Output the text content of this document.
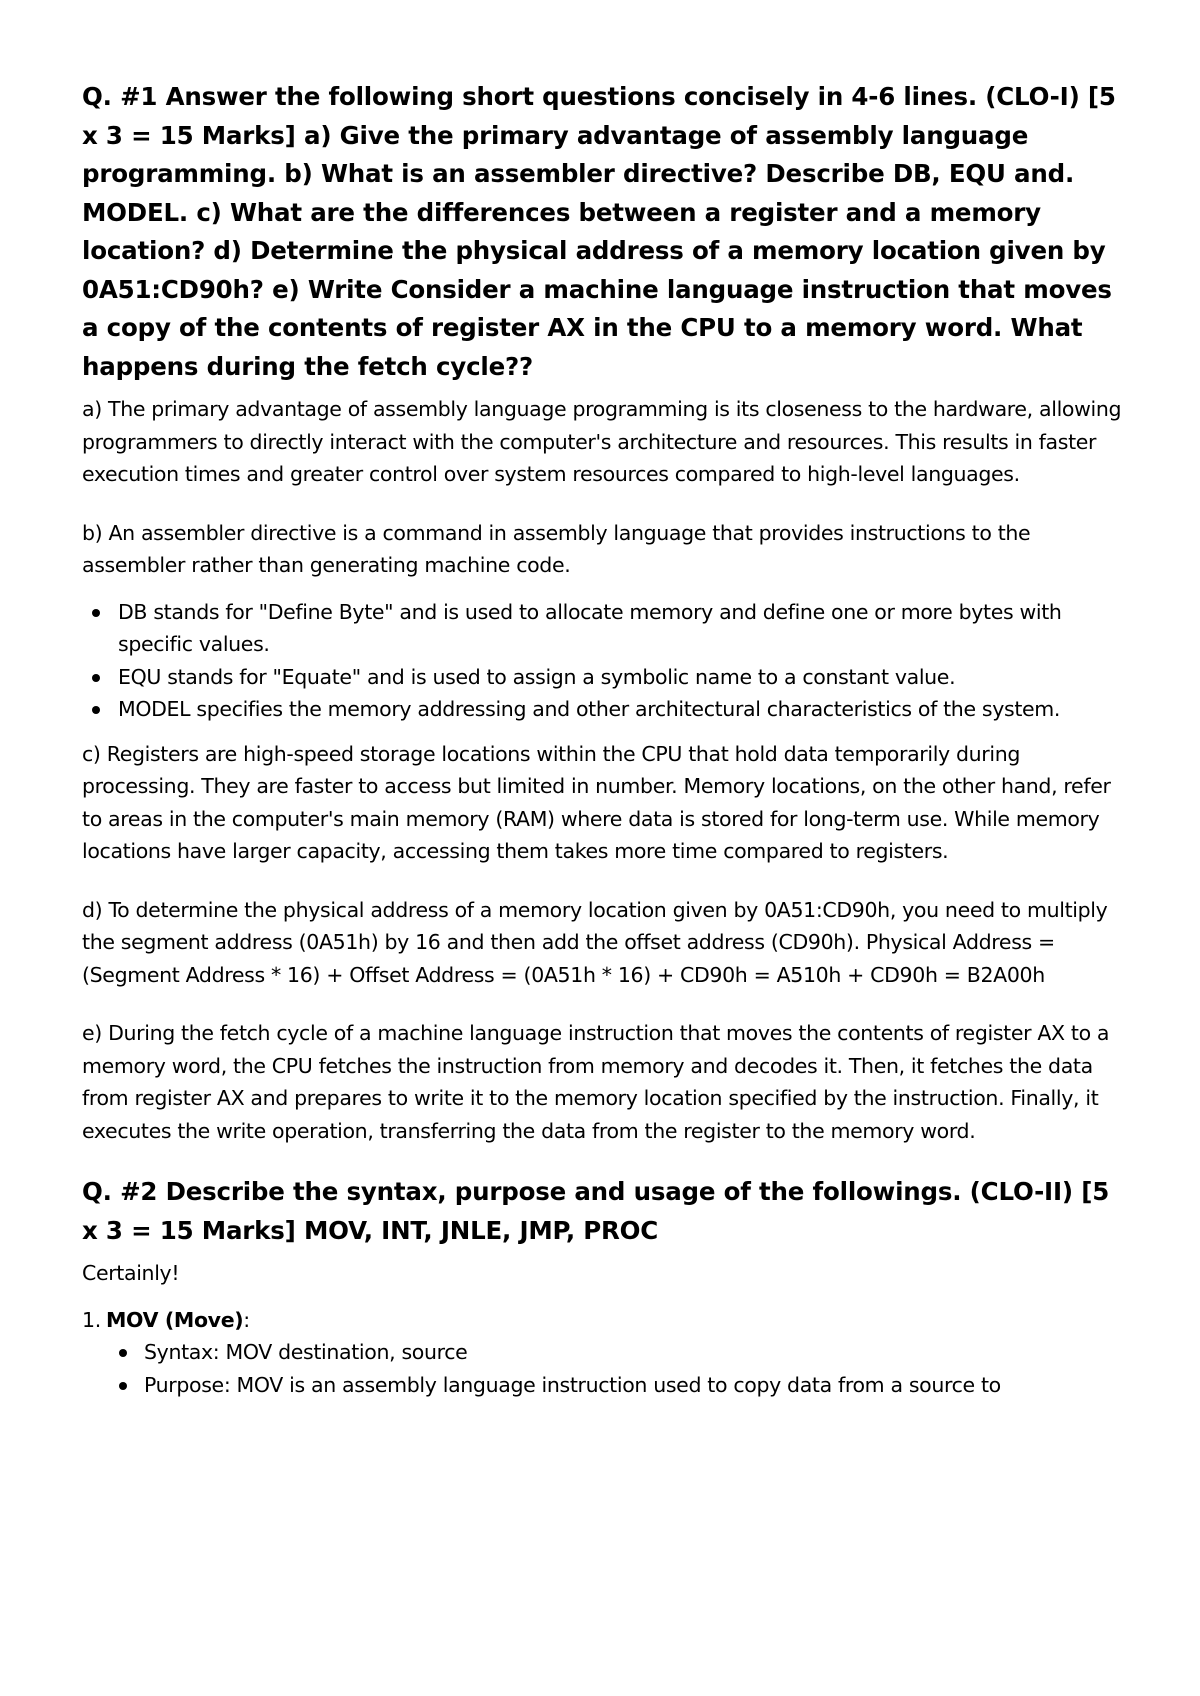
Q. #1 Answer the following short questions concisely in 4-6 lines. (CLO-I) [5 x 3 = 15 Marks] a) Give the primary advantage of assembly language programming. b) What is an assembler directive? Describe DB, EQU and. MODEL. c) What are the differences between a register and a memory location? d) Determine the physical address of a memory location given by 0A51:CD90h? e) Write Consider a machine language instruction that moves a copy of the contents of register AX in the CPU to a memory word. What happens during the fetch cycle??

a) The primary advantage of assembly language programming is its closeness to the hardware, allowing programmers to directly interact with the computer's architecture and resources. This results in faster execution times and greater control over system resources compared to high-level languages.

b) An assembler directive is a command in assembly language that provides instructions to the assembler rather than generating machine code.

DB stands for "Define Byte" and is used to allocate memory and define one or more bytes with specific values.
EQU stands for "Equate" and is used to assign a symbolic name to a constant value.
MODEL specifies the memory addressing and other architectural characteristics of the system.

c) Registers are high-speed storage locations within the CPU that hold data temporarily during processing. They are faster to access but limited in number. Memory locations, on the other hand, refer to areas in the computer's main memory (RAM) where data is stored for long-term use. While memory locations have larger capacity, accessing them takes more time compared to registers.

d) To determine the physical address of a memory location given by 0A51:CD90h, you need to multiply the segment address (0A51h) by 16 and then add the offset address (CD90h). Physical Address = (Segment Address * 16) + Offset Address = (0A51h * 16) + CD90h = A510h + CD90h = B2A00h

e) During the fetch cycle of a machine language instruction that moves the contents of register AX to a memory word, the CPU fetches the instruction from memory and decodes it. Then, it fetches the data from register AX and prepares to write it to the memory location specified by the instruction. Finally, it executes the write operation, transferring the data from the register to the memory word.

Q. #2 Describe the syntax, purpose and usage of the followings. (CLO-II) [5 x 3 = 15 Marks] MOV, INT, JNLE, JMP, PROC

Certainly!

1. MOV (Move):
Syntax: MOV destination, source
Purpose: MOV is an assembly language instruction used to copy data from a source to
